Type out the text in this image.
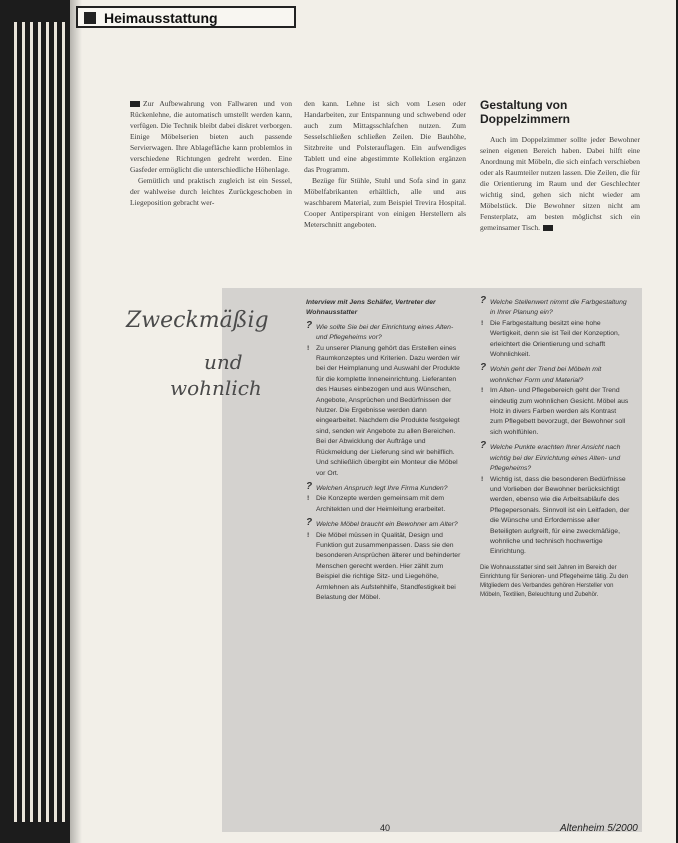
Heimausstattung

Zur Aufbewahrung von Fallwaren und von Rückenlehne, die automatisch umstellt werden kann, verfügen. Die Technik bleibt dabei diskret verborgen. Einige Möbelserien bieten auch passende Servierwagen. Ihre Ablagefläche kann problemlos in verschiedene Richtungen gedreht werden. Eine Gasfeder ermöglicht die unterschiedliche Höhenlage.

Gemütlich und praktisch zugleich ist ein Sessel, der wahlweise durch leichtes Zurückgeschoben in Liegeposition gebracht wer-

den kann. Lehne ist sich vom Lesen oder Handarbeiten, zur Entspannung und schwebend oder auch zum Mittagsschlafchen nutzen. Zum Sesselschließen schließen Zeilen. Die Bauhöhe, Sitzbreite und Polsterauflagen. Ein aufwendiges Tablett und eine abgestimmte Kollektion ergänzen das Programm.

Bezüge für Stühle, Stuhl und Sofa sind in ganz Möbelfabrikanten erhältlich, alle und aus waschbarem Material, zum Beispiel Trevira Hospital. Cooper Antiperspirant von einigen Herstellern als Meterschnitt angeboten.

Gestaltung von Doppelzimmern

Auch im Doppelzimmer sollte jeder Bewohner seinen eigenen Bereich haben. Dabei hilft eine Anordnung mit Möbeln, die sich einfach verschieben oder als Raumteiler nutzen lassen. Die Zeilen, die für die Orientierung im Raum und der Geschlechter wichtig sind, gehen sich nicht wieder am Möbelstück. Die Bewohner sitzen nicht am Fensterplatz, am besten möglichst sich ein gemeinsamer Tisch.

Zweckmäßig
und
wohnlich
Interview mit Jens Schäfer, Vertreter der Wohnausstatter
? Wie sollte Sie bei der Einrichtung eines Alten- und Pflegeheims vor?
! Zu unserer Planung gehört das Erstellen eines Raumkonzeptes und Kriterien. Dazu werden wir bei der Heimplanung und Auswahl der Produkte für die komplette Inneneinrichtung. Lieferanten des Hauses einbezogen und aus Wünschen, Angebote, Ansprüchen und Bedürfnissen der Nutzer. Die Ergebnisse werden dann eingearbeitet. Nachdem die Produkte festgelegt sind, senden wir Angebote zu allen Bereichen. Bei der Abwicklung der Aufträge und Rückmeldung der Lieferung sind wir behilflich. Und schließlich übergibt ein Monteur die Möbel vor Ort.
? Welchen Anspruch legt Ihre Firma Kunden?
! Die Konzepte werden gemeinsam mit dem Architekten und der Heimleitung erarbeitet.
? Welche Möbel braucht ein Bewohner am Alter?
! Die Möbel müssen in Qualität, Design und Funktion gut zusammenpassen. Dass sie den besonderen Ansprüchen älterer und behinderter Menschen gerecht werden. Hier zählt zum Beispiel die richtige Sitz- und Liegehöhe, Armlehnen als Aufstehhilfe, Standfestigkeit bei Belastung der Möbel.
? Welche Stellenwert nimmt die Farbgestaltung in Ihrer Planung ein?
! Die Farbgestaltung besitzt eine hohe Wertigkeit, denn sie ist Teil der Konzeption, erleichtert die Orientierung und schafft Wohnlichkeit.
? Wohin geht der Trend bei Möbeln mit wohnlicher Form und Material?
! Im Alten- und Pflegebereich geht der Trend eindeutig zum wohnlichen Gesicht. Möbel aus Holz in divers Farben werden als Kontrast zum Pflegebett bevorzugt, der Bewohner soll sich wohlfühlen.
? Welche Punkte erachten Ihrer Ansicht nach wichtig bei der Einrichtung eines Alten- und Pflegeheims?
! Wichtig ist, dass die besonderen Bedürfnisse und Vorlieben der Bewohner berücksichtigt werden, ebenso wie die Arbeitsabläufe des Pflegepersonals. Sinnvoll ist ein Leitfaden, der die Wünsche und Erfordernisse aller Beteiligten aufgreift, für eine zweckmäßige, wohnliche und technisch hochwertige Einrichtung.
Die Wohnausstatter sind seit Jahren im Bereich der Einrichtung für Senioren- und Pflegeheime tätig. Zu den Mitgliedern des Verbandes gehören Hersteller von Möbeln, Textilien, Beleuchtung und Zubehör.
40	Altenheim 5/2000
